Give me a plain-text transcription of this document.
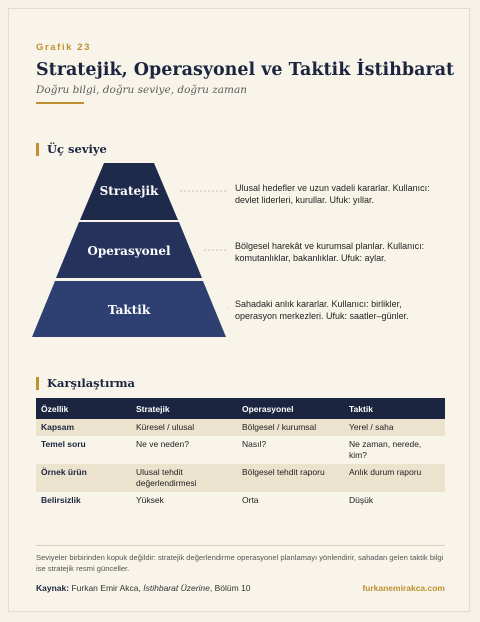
Grafik 23
Stratejik, Operasyonel ve Taktik İstihbarat
Doğru bilgi, doğru seviye, doğru zaman
Üç seviye
Stratejik
Operasyonel
Taktik
Ulusal hedefler ve uzun vadeli kararlar. Kullanıcı: devlet liderleri, kurullar. Ufuk: yıllar.
Bölgesel harekât ve kurumsal planlar. Kullanıcı: komutanlıklar, bakanlıklar. Ufuk: aylar.
Sahadaki anlık kararlar. Kullanıcı: birlikler, operasyon merkezleri. Ufuk: saatler–günler.
Karşılaştırma
Özellik	Stratejik	Operasyonel	Taktik
Kapsam	Küresel / ulusal	Bölgesel / kurumsal	Yerel / saha
Temel soru	Ne ve neden?	Nasıl?	Ne zaman, nerede, kim?
Örnek ürün	Ulusal tehdit değerlendirmesi	Bölgesel tehdit raporu	Anlık durum raporu
Belirsizlik	Yüksek	Orta	Düşük
Seviyeler birbirinden kopuk değildir: stratejik değerlendirme operasyonel planlamayı yönlendirir, sahadan gelen taktik bilgi ise stratejik resmi günceller.
Kaynak: Furkan Emir Akca, İstihbarat Üzerine, Bölüm 10	furkanemirakca.com
